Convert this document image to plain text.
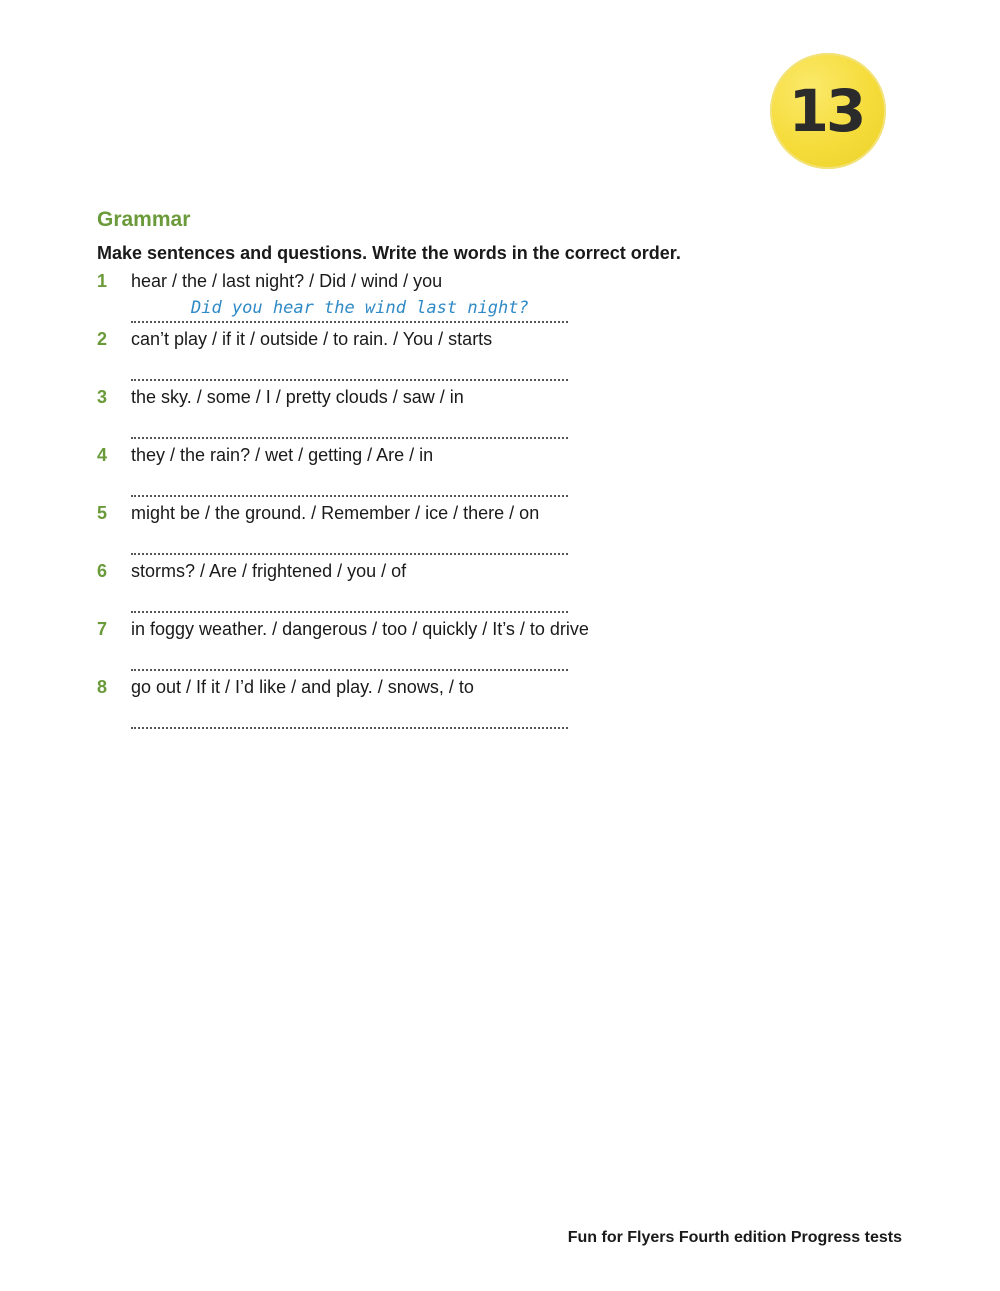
13
Grammar
Make sentences and questions. Write the words in the correct order.
1 hear / the / last night? / Did / wind / you
Did you hear the wind last night?
2 can’t play / if it / outside / to rain. / You / starts
3 the sky. / some / I / pretty clouds / saw / in
4 they / the rain? / wet / getting / Are / in
5 might be / the ground. / Remember / ice / there / on
6 storms? / Are / frightened / you / of
7 in foggy weather. / dangerous / too / quickly / It’s / to drive
8 go out / If it / I’d like / and play. / snows, / to
Fun for Flyers Fourth edition Progress tests
